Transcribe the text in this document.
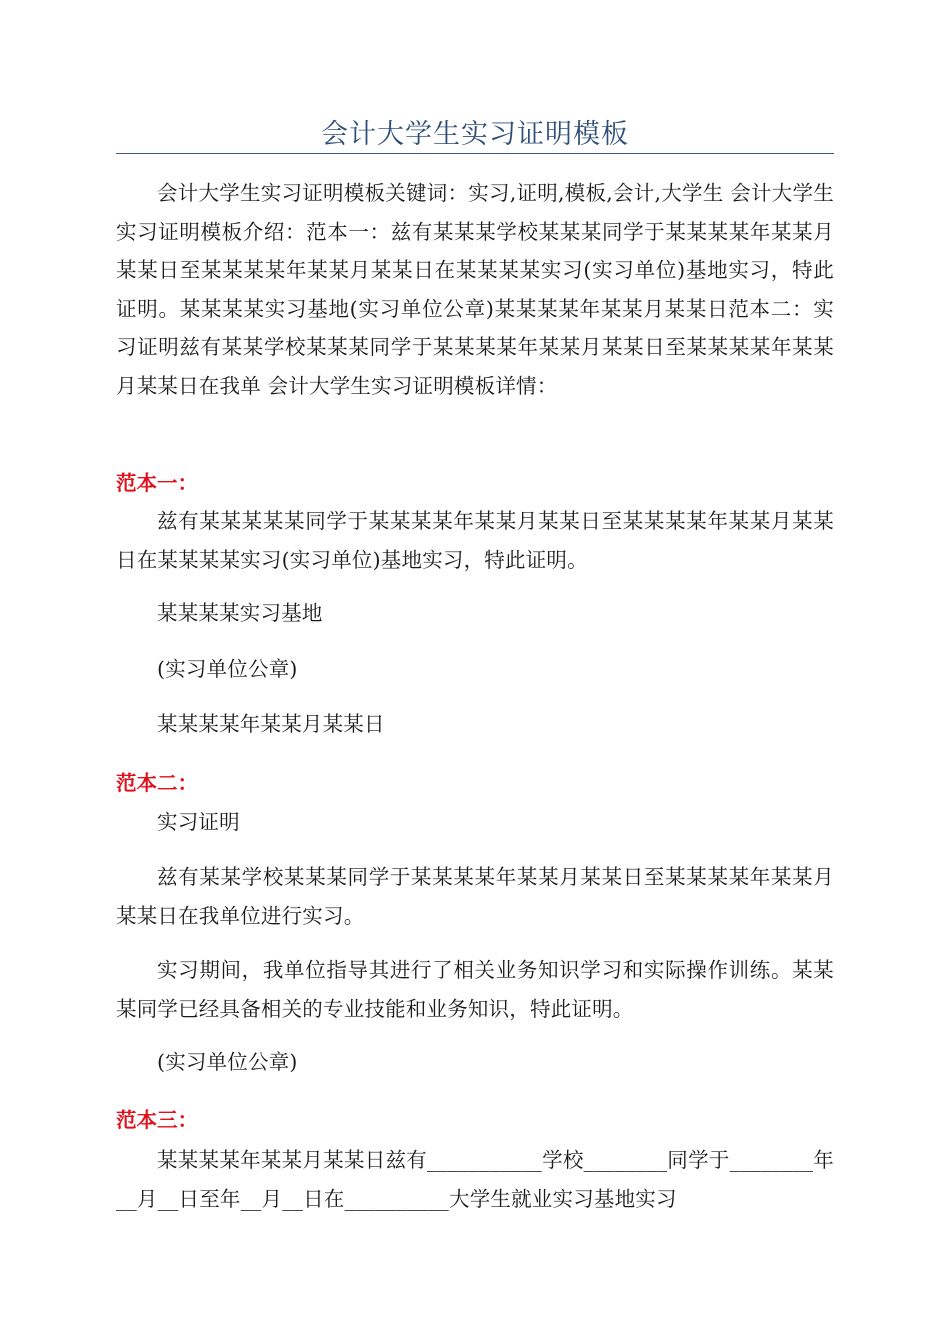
会计大学生实习证明模板

会计大学生实习证明模板关键词：实习,证明,模板,会计,大学生 会计大学生实习证明模板介绍：范本一：兹有某某某学校某某某同学于某某某某年某某月某某日至某某某某年某某月某某日在某某某某实习(实习单位)基地实习，特此证明。某某某某实习基地(实习单位公章)某某某某年某某月某某日范本二：实习证明兹有某某学校某某某同学于某某某某年某某月某某日至某某某某年某某月某某日在我单 会计大学生实习证明模板详情：

范本一：

兹有某某某某某同学于某某某某年某某月某某日至某某某某年某某月某某日在某某某某实习(实习单位)基地实习，特此证明。

某某某某实习基地

(实习单位公章)

某某某某年某某月某某日

范本二：

实习证明

兹有某某学校某某某同学于某某某某年某某月某某日至某某某某年某某月某某日在我单位进行实习。

实习期间，我单位指导其进行了相关业务知识学习和实际操作训练。某某某同学已经具备相关的专业技能和业务知识，特此证明。

(实习单位公章)

范本三：

某某某某年某某月某某日兹有___________学校________同学于________年__月__日至年__月__日在__________大学生就业实习基地实习
